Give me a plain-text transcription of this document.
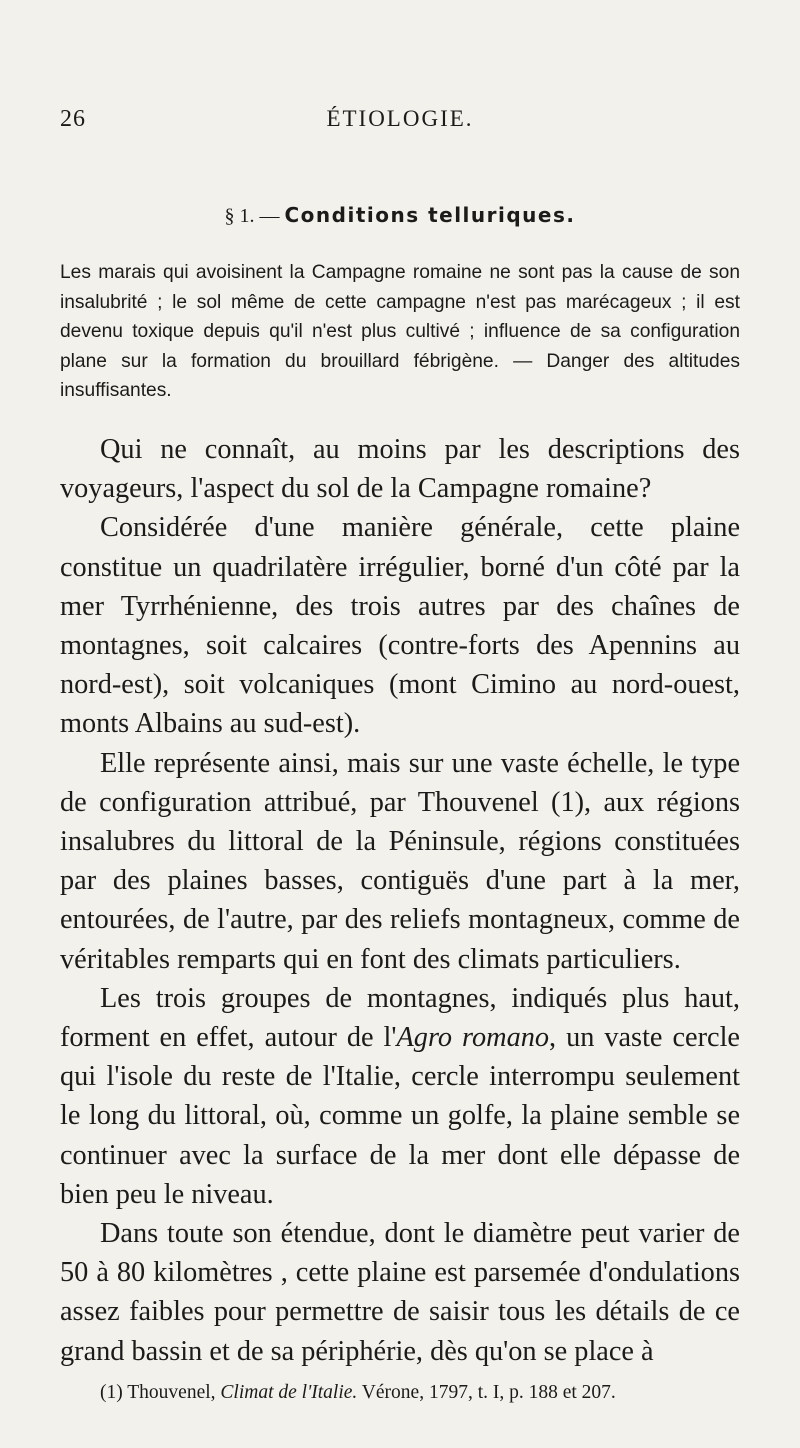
26	ÉTIOLOGIE.
§ 1. — Conditions telluriques.

Les marais qui avoisinent la Campagne romaine ne sont pas la cause de son insalubrité ; le sol même de cette campagne n'est pas marécageux ; il est devenu toxique depuis qu'il n'est plus cultivé ; influence de sa configuration plane sur la formation du brouillard fébrigène. — Danger des altitudes insuffisantes.

Qui ne connaît, au moins par les descriptions des voyageurs, l'aspect du sol de la Campagne romaine?

Considérée d'une manière générale, cette plaine constitue un quadrilatère irrégulier, borné d'un côté par la mer Tyrrhénienne, des trois autres par des chaînes de montagnes, soit calcaires (contre-forts des Apennins au nord-est), soit volcaniques (mont Cimino au nord-ouest, monts Albains au sud-est).

Elle représente ainsi, mais sur une vaste échelle, le type de configuration attribué, par Thouvenel (1), aux régions insalubres du littoral de la Péninsule, régions constituées par des plaines basses, contiguës d'une part à la mer, entourées, de l'autre, par des reliefs montagneux, comme de véritables remparts qui en font des climats particuliers.

Les trois groupes de montagnes, indiqués plus haut, forment en effet, autour de l'Agro romano, un vaste cercle qui l'isole du reste de l'Italie, cercle interrompu seulement le long du littoral, où, comme un golfe, la plaine semble se continuer avec la surface de la mer dont elle dépasse de bien peu le niveau.

Dans toute son étendue, dont le diamètre peut varier de 50 à 80 kilomètres , cette plaine est parsemée d'ondulations assez faibles pour permettre de saisir tous les détails de ce grand bassin et de sa périphérie, dès qu'on se place à

(1) Thouvenel, Climat de l'Italie. Vérone, 1797, t. I, p. 188 et 207.
